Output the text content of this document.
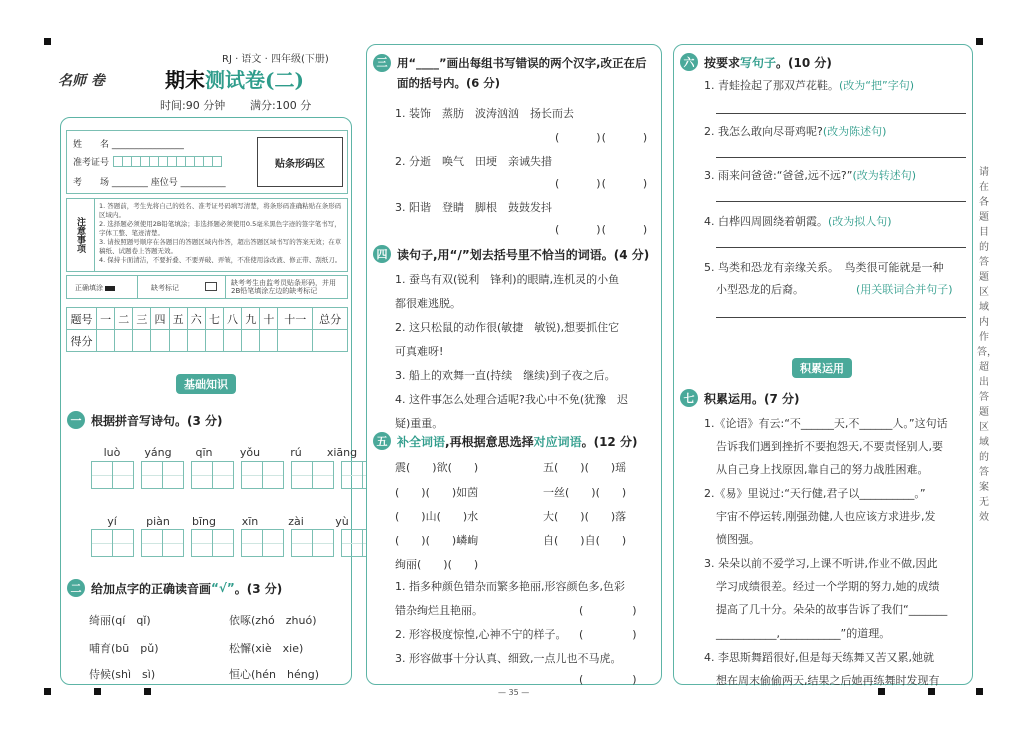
名师 卷
RJ · 语文 · 四年级(下册)
期末测试卷(二)
时间:90 分钟 满分:100 分
姓　　名 ________________
准考证号

考　　场 ________ 座位号 __________
贴条形码区
注意事项
1. 答题前，考生先将自己的姓名、准考证号码填写清楚，将条形码准确粘贴在条形码区域内。
2. 选择题必须使用2B铅笔填涂；非选择题必须使用0.5毫米黑色字迹的签字笔书写，字体工整、笔迹清楚。
3. 请按照题号顺序在各题目的答题区域内作答，超出答题区域书写的答案无效；在草稿纸、试题卷上答题无效。
4. 保持卡面清洁，不要折叠、不要弄破、弄皱，不准使用涂改液、修正带、刮纸刀。
正确填涂	缺考标记
缺考考生由监考员贴条形码，并用2B铅笔填涂左边的缺考标记
题号	一	二	三	四	五	六	七	八	九	十	十一	总分
得分												
基础知识
一 根据拼音写诗句。(3 分)
luò	yáng	qīn	yǒu	rú	xiāng
yí	piàn	bīng	xīn	zài	yù
二 给加点字的正确读音画 “√” 。(3 分)
绮丽(qí　qǐ)	依啄(zhó　zhuó)
哺育(bū　pǔ)	松懈(xiè　xie)
侍候(shì　sì)	恒心(hén　héng)
三 用“____”画出每组书写错误的两个汉字,改正在后面的括号内。(6 分)
1. 装饰　蒸肪　波涛汹汹　扬长而去
(　　　)(　　　)
2. 分逝　唤气　田埂　亲诫失措
(　　　)(　　　)
3. 阳谐　登睛　脚根　鼓鼓发抖
(　　　)(　　　)
四 读句子,用“/”划去括号里不恰当的词语。(4 分)
1. 蚕鸟有双(锐利　锋利)的眼睛,连机灵的小鱼
都很难逃脱。
2. 这只松鼠的动作很(敏捷　敏锐),想要抓住它
可真难呀!
3. 船上的欢舞一直(持续　继续)到子夜之后。
4. 这件事怎么处理合适呢?我心中不免(犹豫　迟
疑)重重。
五 补全词语 ,再根据意思选择 对应词语 。(12 分)
震(　　)欲(　　)	五(　　)(　　)瑶
(　　)(　　)如茵	一丝(　　)(　　)
(　　)山(　　)水	大(　　)(　　)落
(　　)(　　)嶙峋	自(　　)自(　　)
绚丽(　　)(　　)
1. 指多种颜色错杂而繁多艳丽,形容颜色多,色彩
错杂绚烂且艳丽。	(　　　　)
2. 形容极度惊惶,心神不宁的样子。 (　　　　)
3. 形容做事十分认真、细致,一点儿也不马虎。
(　　　　)
— 35 —
六 按要求 写句子 。(10 分)
1. 青蛙捡起了那双芦花鞋。(改为“把”字句)
2. 我怎么敢向尽哥鸡呢?(改为陈述句)
3. 雨来问爸爸:“爸爸,远不远?”(改为转述句)
4. 白桦四周圆绕着朝霞。(改为拟人句)
5. 鸟类和恐龙有亲缘关系。　鸟类很可能就是一种
小型恐龙的后裔。	(用关联词合并句子)
积累运用
七 积累运用。(7 分)
1.《论语》有云:“不______天,不______人。”这句话
告诉我们遇到挫折不要抱怨天,不要责怪别人,要
从自己身上找原因,靠自己的努力战胜困难。
2.《易》里说过:“天行健,君子以__________。”
宇宙不停运转,刚强劲健,人也应该方求进步,发
愤图强。
3. 朵朵以前不爱学习,上课不听讲,作业不做,因此
学习成绩很差。经过一个学期的努力,她的成绩
提高了几十分。朵朵的故事告诉了我们“_______
___________,___________”的道理。
4. 李思斯舞蹈很好,但是每天练舞又苦又累,她就
想在周末偷偷两天,结果之后她再练舞时发现有
请在各题目的答题区域内作答，超出答题区域的答案无效
